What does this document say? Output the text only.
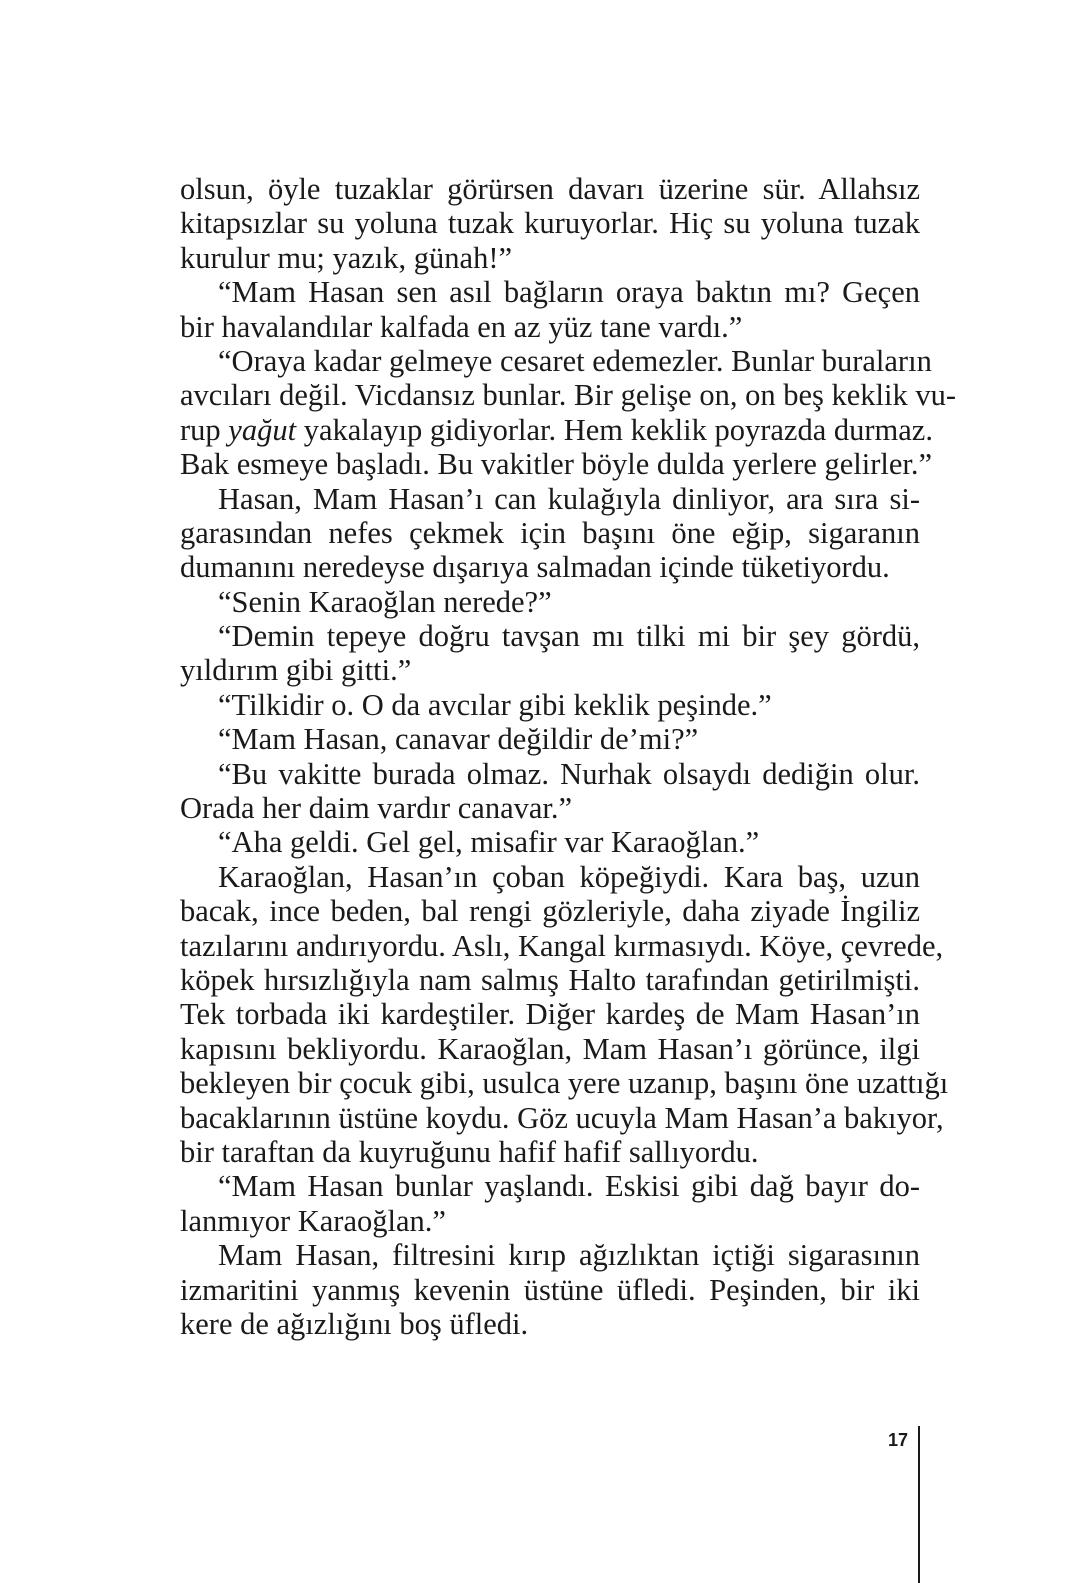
olsun, öyle tuzaklar görürsen davarı üzerine sür. Allahsız
kitapsızlar su yoluna tuzak kuruyorlar. Hiç su yoluna tuzak
kurulur mu; yazık, günah!”
“Mam Hasan sen asıl bağların oraya baktın mı? Geçen
bir havalandılar kalfada en az yüz tane vardı.”
“Oraya kadar gelmeye cesaret edemezler. Bunlar buraların
avcıları değil. Vicdansız bunlar. Bir gelişe on, on beş keklik vu-
rup yağut yakalayıp gidiyorlar. Hem keklik poyrazda durmaz.
Bak esmeye başladı. Bu vakitler böyle dulda yerlere gelirler.”
Hasan, Mam Hasan’ı can kulağıyla dinliyor, ara sıra si-
garasından nefes çekmek için başını öne eğip, sigaranın
dumanını neredeyse dışarıya salmadan içinde tüketiyordu.
“Senin Karaoğlan nerede?”
“Demin tepeye doğru tavşan mı tilki mi bir şey gördü,
yıldırım gibi gitti.”
“Tilkidir o. O da avcılar gibi keklik peşinde.”
“Mam Hasan, canavar değildir de’mi?”
“Bu vakitte burada olmaz. Nurhak olsaydı dediğin olur.
Orada her daim vardır canavar.”
“Aha geldi. Gel gel, misafir var Karaoğlan.”
Karaoğlan, Hasan’ın çoban köpeğiydi. Kara baş, uzun
bacak, ince beden, bal rengi gözleriyle, daha ziyade İngiliz
tazılarını andırıyordu. Aslı, Kangal kırmasıydı. Köye, çevrede,
köpek hırsızlığıyla nam salmış Halto tarafından getirilmişti.
Tek torbada iki kardeştiler. Diğer kardeş de Mam Hasan’ın
kapısını bekliyordu. Karaoğlan, Mam Hasan’ı görünce, ilgi
bekleyen bir çocuk gibi, usulca yere uzanıp, başını öne uzattığı
bacaklarının üstüne koydu. Göz ucuyla Mam Hasan’a bakıyor,
bir taraftan da kuyruğunu hafif hafif sallıyordu.
“Mam Hasan bunlar yaşlandı. Eskisi gibi dağ bayır do-
lanmıyor Karaoğlan.”
Mam Hasan, filtresini kırıp ağızlıktan içtiği sigarasının
izmaritini yanmış kevenin üstüne üfledi. Peşinden, bir iki
kere de ağızlığını boş üfledi.
17
